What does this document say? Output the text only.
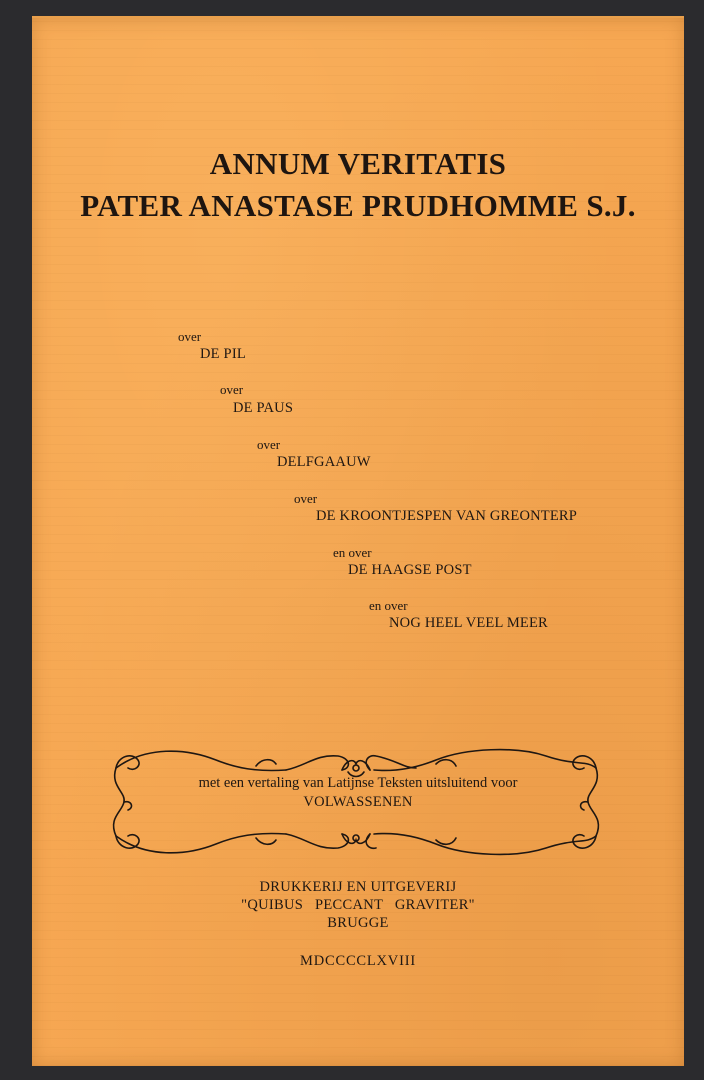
ANNUM VERITATIS
PATER ANASTASE PRUDHOMME S.J.
over
DE PIL
over
DE PAUS
over
DELFGAAUW
over
DE KROONTJESPEN VAN GREONTERP
en over
DE HAAGSE POST
en over
NOG HEEL VEEL MEER
met een vertaling van Latijnse Teksten uitsluitend voor
VOLWASSENEN
DRUKKERIJ EN UITGEVERIJ
"QUIBUS PECCANT GRAVITER"
BRUGGE
MDCCCCLXVIII
